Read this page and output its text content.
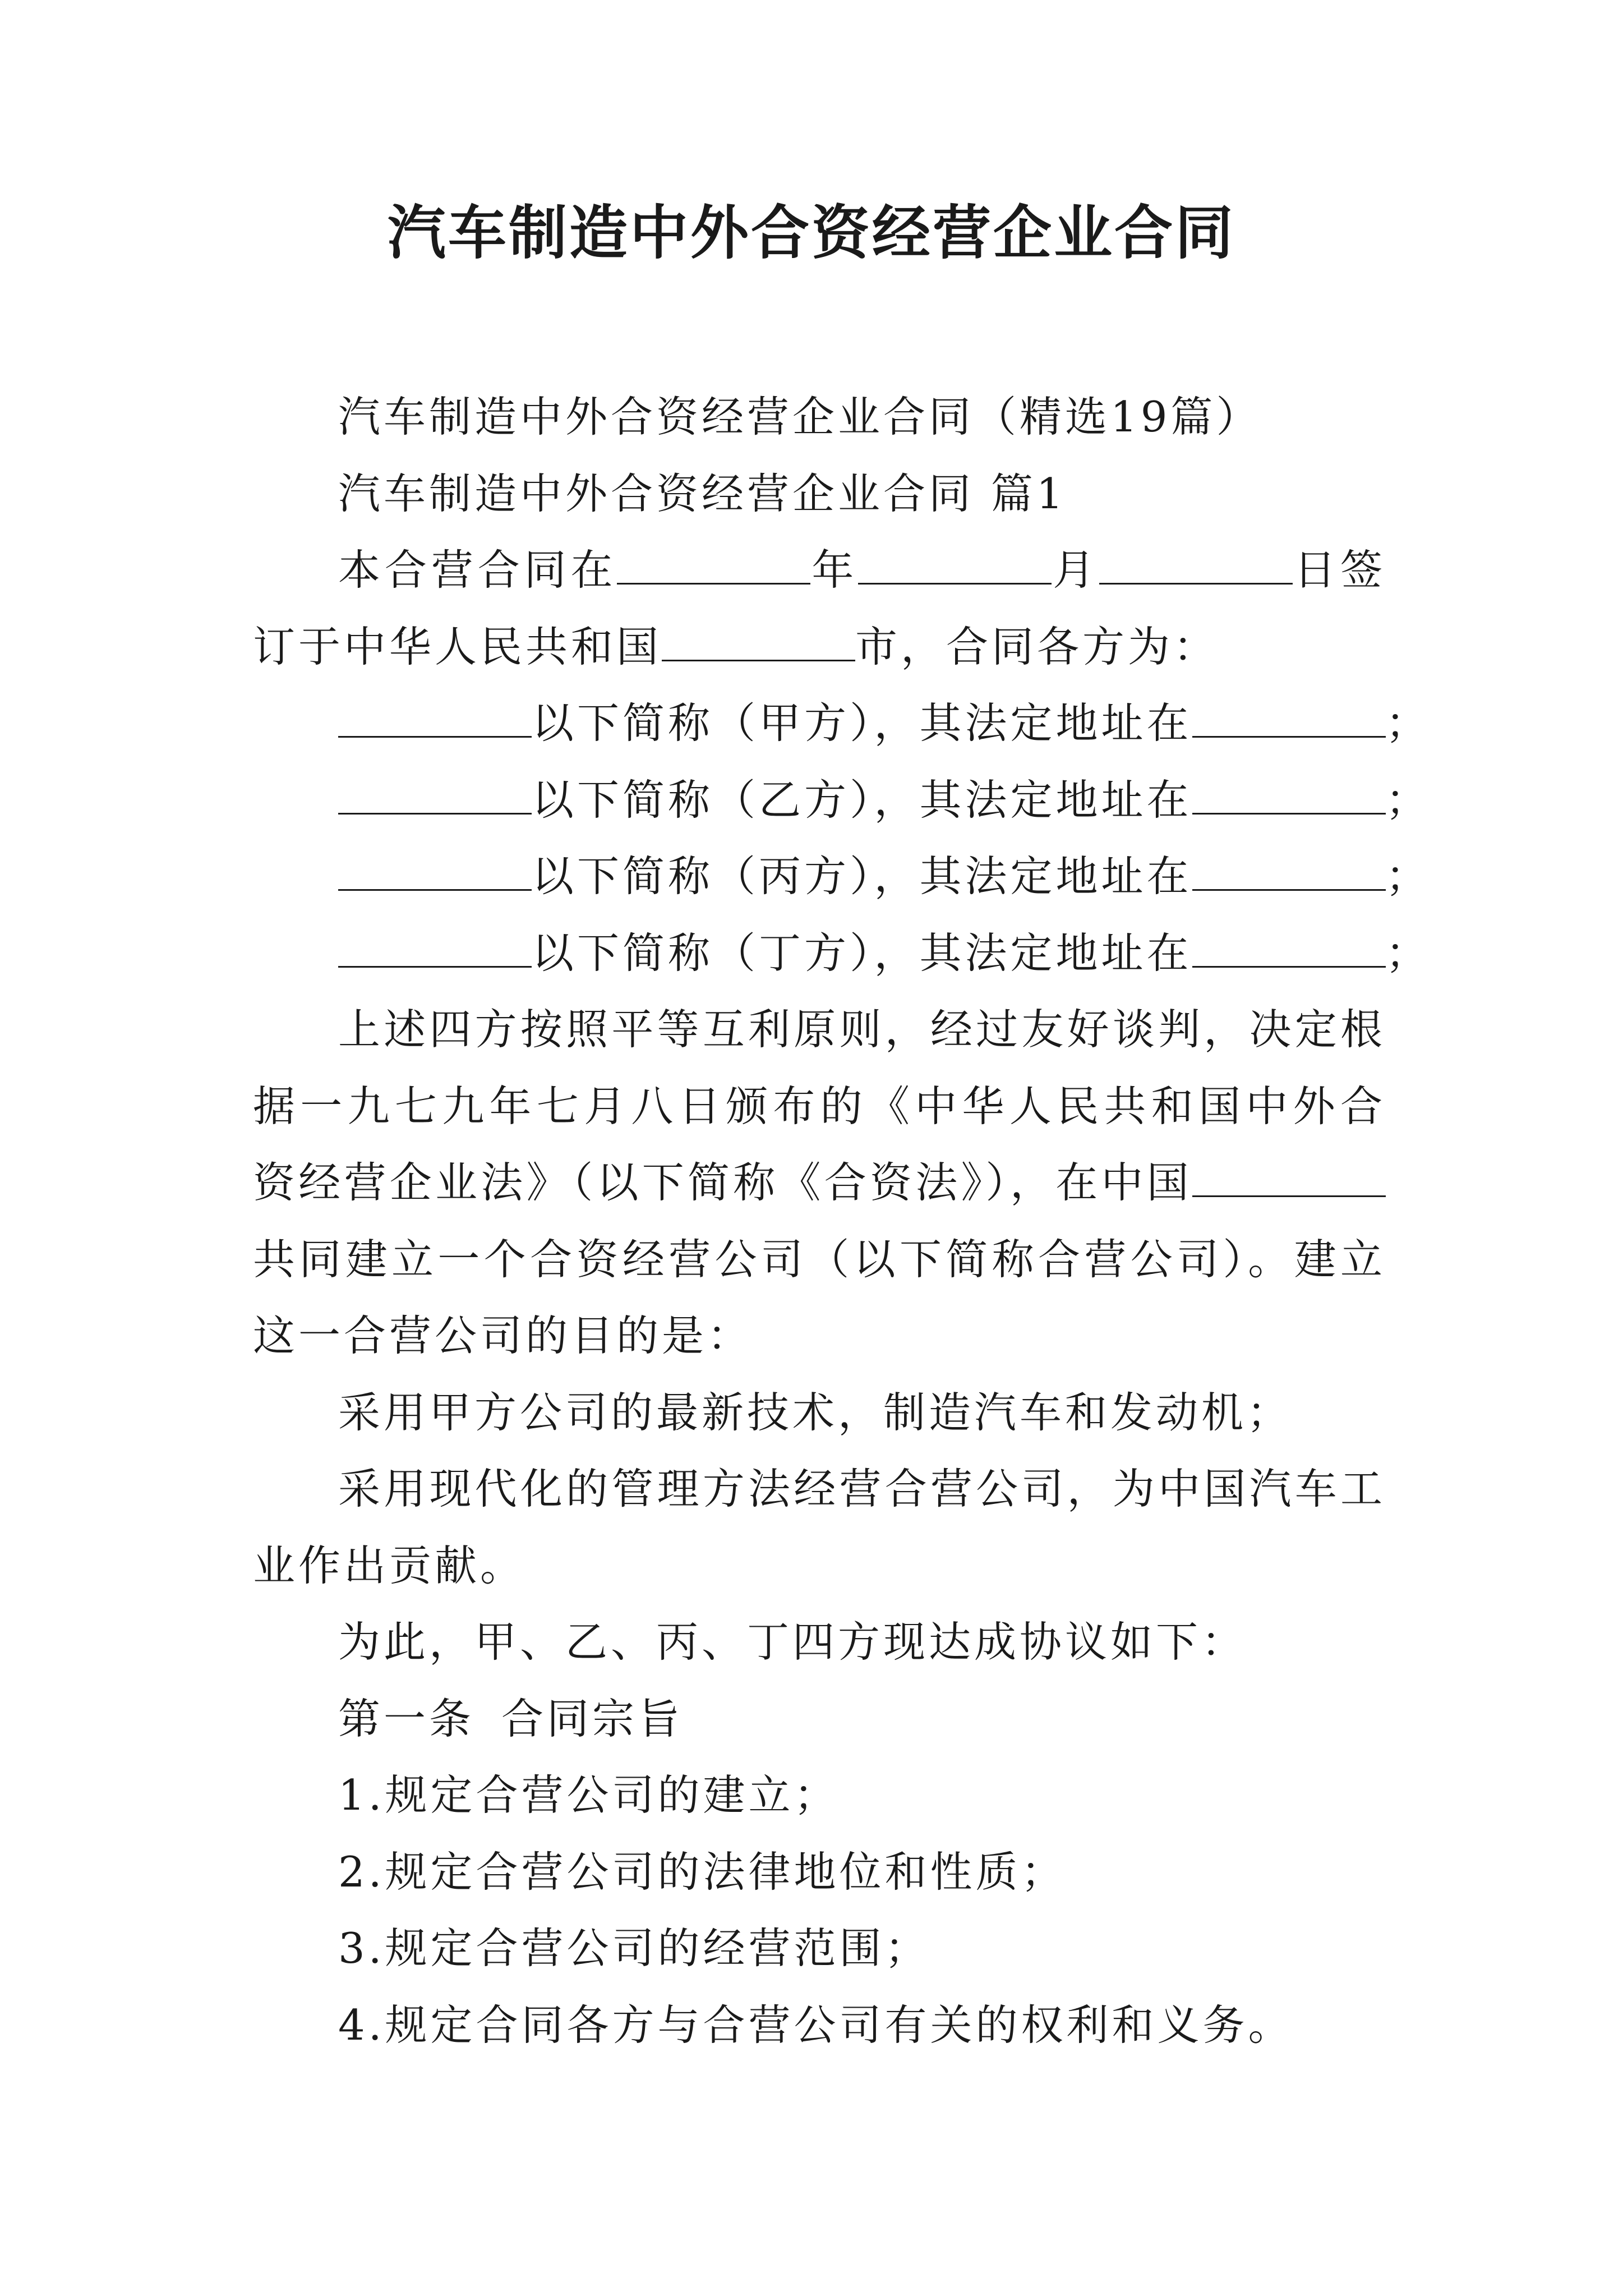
汽车制造中外合资经营企业合同

汽车制造中外合资经营企业合同（精选19篇）

汽车制造中外合资经营企业合同 篇1

本合营合同在	年	月	日签订于中华人民共和国	市，合同各方为：

以下简称（甲方），其法定地址在	；

以下简称（乙方），其法定地址在	；

以下简称（丙方），其法定地址在	；

以下简称（丁方），其法定地址在	；

上述四方按照平等互利原则，经过友好谈判，决定根据一九七九年七月八日颁布的《中华人民共和国中外合资经营企业法》（以下简称《合资法》），在中国共同建立一个合资经营公司（以下简称合营公司）。建立这一合营公司的目的是：

采用甲方公司的最新技术，制造汽车和发动机；

采用现代化的管理方法经营合营公司，为中国汽车工业作出贡献。

为此，甲、乙、丙、丁四方现达成协议如下：

第一条 合同宗旨

1.规定合营公司的建立；

2.规定合营公司的法律地位和性质；

3.规定合营公司的经营范围；

4.规定合同各方与合营公司有关的权利和义务。
